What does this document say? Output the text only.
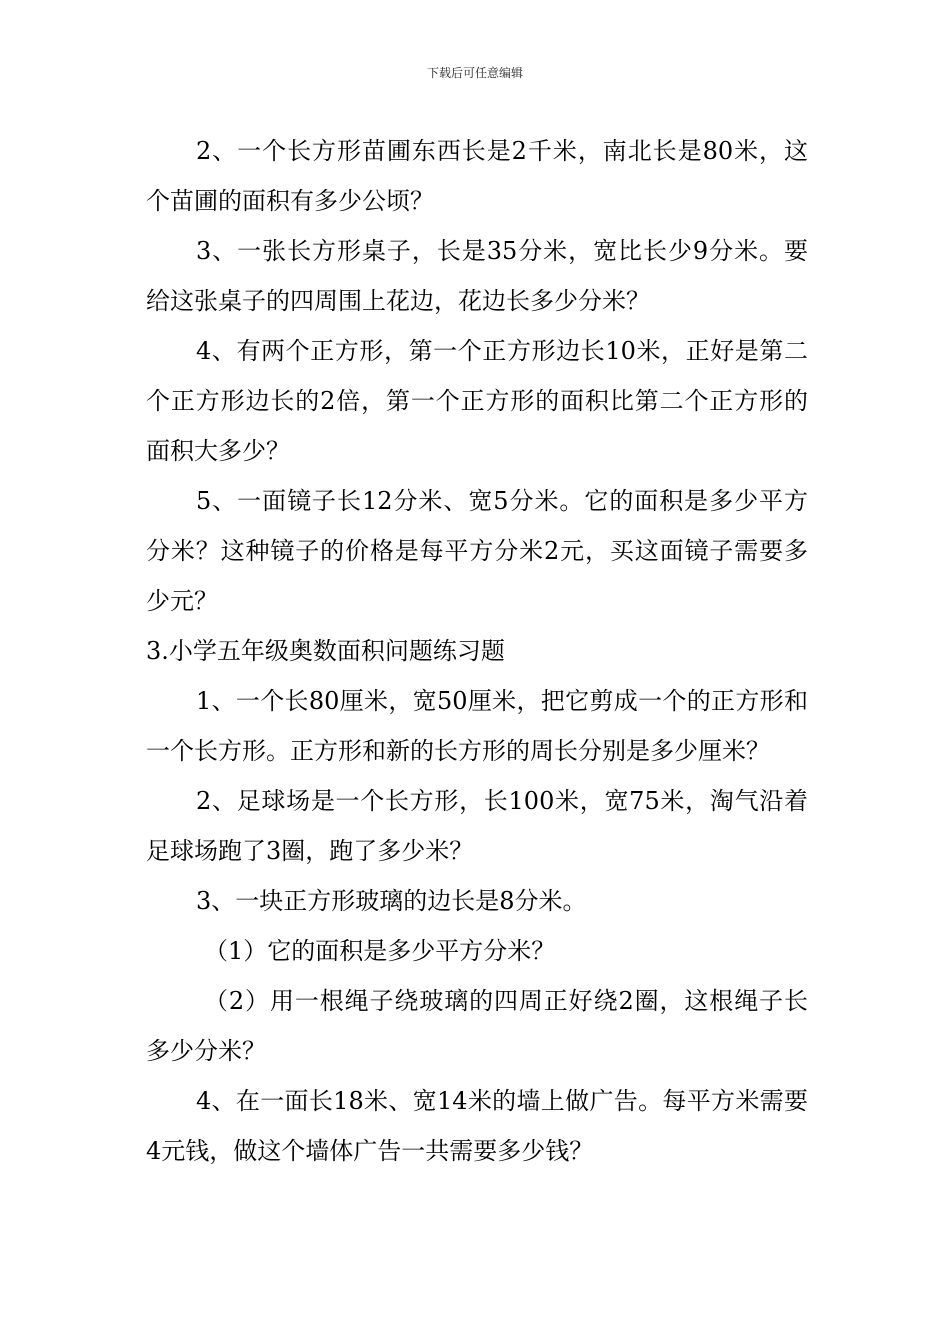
下载后可任意编辑

2、一个长方形苗圃东西长是2千米，南北长是80米，这个苗圃的面积有多少公顷？

3、一张长方形桌子，长是35分米，宽比长少9分米。要给这张桌子的四周围上花边，花边长多少分米？

4、有两个正方形，第一个正方形边长10米，正好是第二个正方形边长的2倍，第一个正方形的面积比第二个正方形的面积大多少？

5、一面镜子长12分米、宽5分米。它的面积是多少平方分米？这种镜子的价格是每平方分米2元，买这面镜子需要多少元？

3.小学五年级奥数面积问题练习题

1、一个长80厘米，宽50厘米，把它剪成一个的正方形和一个长方形。正方形和新的长方形的周长分别是多少厘米？

2、足球场是一个长方形，长100米，宽75米，淘气沿着足球场跑了3圈，跑了多少米？

3、一块正方形玻璃的边长是8分米。

（1）它的面积是多少平方分米？

（2）用一根绳子绕玻璃的四周正好绕2圈，这根绳子长多少分米？

4、在一面长18米、宽14米的墙上做广告。每平方米需要4元钱，做这个墙体广告一共需要多少钱？
